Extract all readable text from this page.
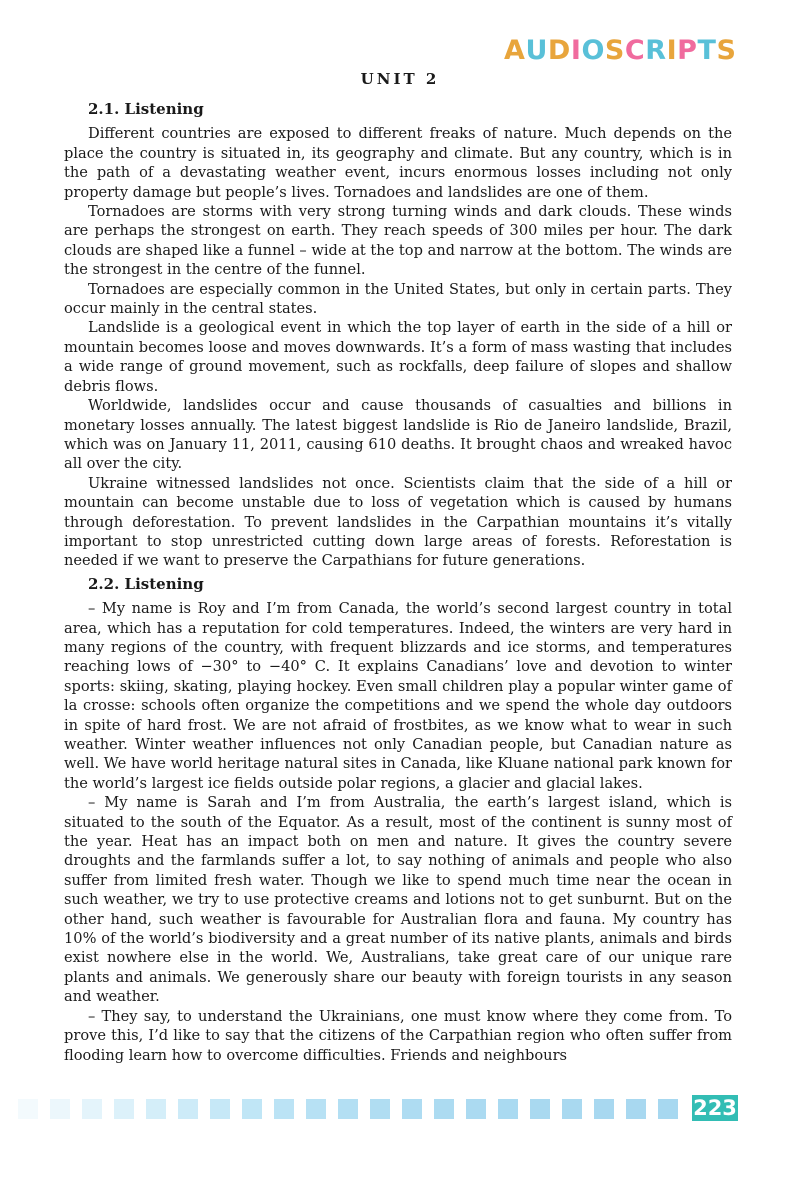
A U D I O S C R I P T S
UNIT 2
2.1. Listening

Different countries are exposed to different freaks of nature. Much depends on the place the country is situated in, its geography and climate. But any country, which is in the path of a devastating weather event, incurs enormous losses including not only property damage but people’s lives. Tornadoes and landslides are one of them.

Tornadoes are storms with very strong turning winds and dark clouds. These winds are perhaps the strongest on earth. They reach speeds of 300 miles per hour. The dark clouds are shaped like a funnel – wide at the top and narrow at the bottom. The winds are the strongest in the centre of the funnel.

Tornadoes are especially common in the United States, but only in certain parts. They occur mainly in the central states.

Landslide is a geological event in which the top layer of earth in the side of a hill or mountain becomes loose and moves downwards. It’s a form of mass wasting that includes a wide range of ground movement, such as rockfalls, deep failure of slopes and shallow debris flows.

Worldwide, landslides occur and cause thousands of casualties and billions in monetary losses annually. The latest biggest landslide is Rio de Janeiro landslide, Brazil, which was on January 11, 2011, causing 610 deaths. It brought chaos and wreaked havoc all over the city.

Ukraine witnessed landslides not once. Scientists claim that the side of a hill or mountain can become unstable due to loss of vegetation which is caused by humans through deforestation. To prevent landslides in the Carpathian mountains it’s vitally important to stop unrestricted cutting down large areas of forests. Reforestation is needed if we want to preserve the Carpathians for future generations.

2.2. Listening

– My name is Roy and I’m from Canada, the world’s second largest country in total area, which has a reputation for cold temperatures. Indeed, the winters are very hard in many regions of the country, with frequent blizzards and ice storms, and temperatures reaching lows of −30° to −40° C. It explains Canadians’ love and devotion to winter sports: skiing, skating, playing hockey. Even small children play a popular winter game of la crosse: schools often organize the competitions and we spend the whole day outdoors in spite of hard frost. We are not afraid of frostbites, as we know what to wear in such weather. Winter weather influences not only Canadian people, but Canadian nature as well. We have world heritage natural sites in Canada, like Kluane national park known for the world’s largest ice fields outside polar regions, a glacier and glacial lakes.

– My name is Sarah and I’m from Australia, the earth’s largest island, which is situated to the south of the Equator. As a result, most of the continent is sunny most of the year. Heat has an impact both on men and nature. It gives the country severe droughts and the farmlands suffer a lot, to say nothing of animals and people who also suffer from limited fresh water. Though we like to spend much time near the ocean in such weather, we try to use protective creams and lotions not to get sunburnt. But on the other hand, such weather is favourable for Australian flora and fauna. My country has 10% of the world’s biodiversity and a great number of its native plants, animals and birds exist nowhere else in the world. We, Australians, take great care of our unique rare plants and animals. We generously share our beauty with foreign tourists in any season and weather.

– They say, to understand the Ukrainians, one must know where they come from. To prove this, I’d like to say that the citizens of the Carpathian region who often suffer from flooding learn how to overcome difficulties. Friends and neighbours

223
